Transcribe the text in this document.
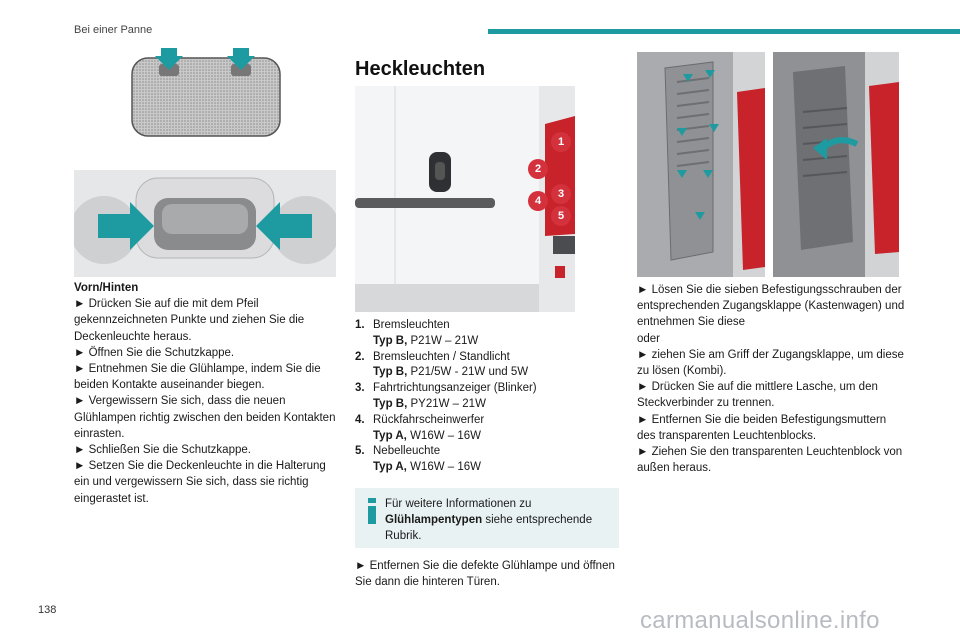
Bei einer Panne
Vorn/Hinten
► Drücken Sie auf die mit dem Pfeil gekennzeichneten Punkte und ziehen Sie die Deckenleuchte heraus.
► Öffnen Sie die Schutzkappe.
► Entnehmen Sie die Glühlampe, indem Sie die beiden Kontakte auseinander biegen.
► Vergewissern Sie sich, dass die neuen Glühlampen richtig zwischen den beiden Kontakten einrasten.
► Schließen Sie die Schutzkappe.
► Setzen Sie die Deckenleuchte in die Halterung ein und vergewissern Sie sich, dass sie richtig eingerastet ist.
Heckleuchten
1
2
3
4
5
1. Bremsleuchten
Typ B, P21W – 21W
2. Bremsleuchten / Standlicht
Typ B, P21/5W - 21W und 5W
3. Fahrtrichtungsanzeiger (Blinker)
Typ B, PY21W – 21W
4. Rückfahrscheinwerfer
Typ A, W16W – 16W
5. Nebelleuchte
Typ A, W16W – 16W
Für weitere Informationen zu Glühlampentypen siehe entsprechende Rubrik.
► Entfernen Sie die defekte Glühlampe und öffnen Sie dann die hinteren Türen.
► Lösen Sie die sieben Befestigungsschrauben der entsprechenden Zugangsklappe (Kastenwagen) und entnehmen Sie diese
oder
► ziehen Sie am Griff der Zugangsklappe, um diese zu lösen (Kombi).
► Drücken Sie auf die mittlere Lasche, um den Steckverbinder zu trennen.
► Entfernen Sie die beiden Befestigungsmuttern des transparenten Leuchtenblocks.
► Ziehen Sie den transparenten Leuchtenblock von außen heraus.
138	carmanualsonline.info
